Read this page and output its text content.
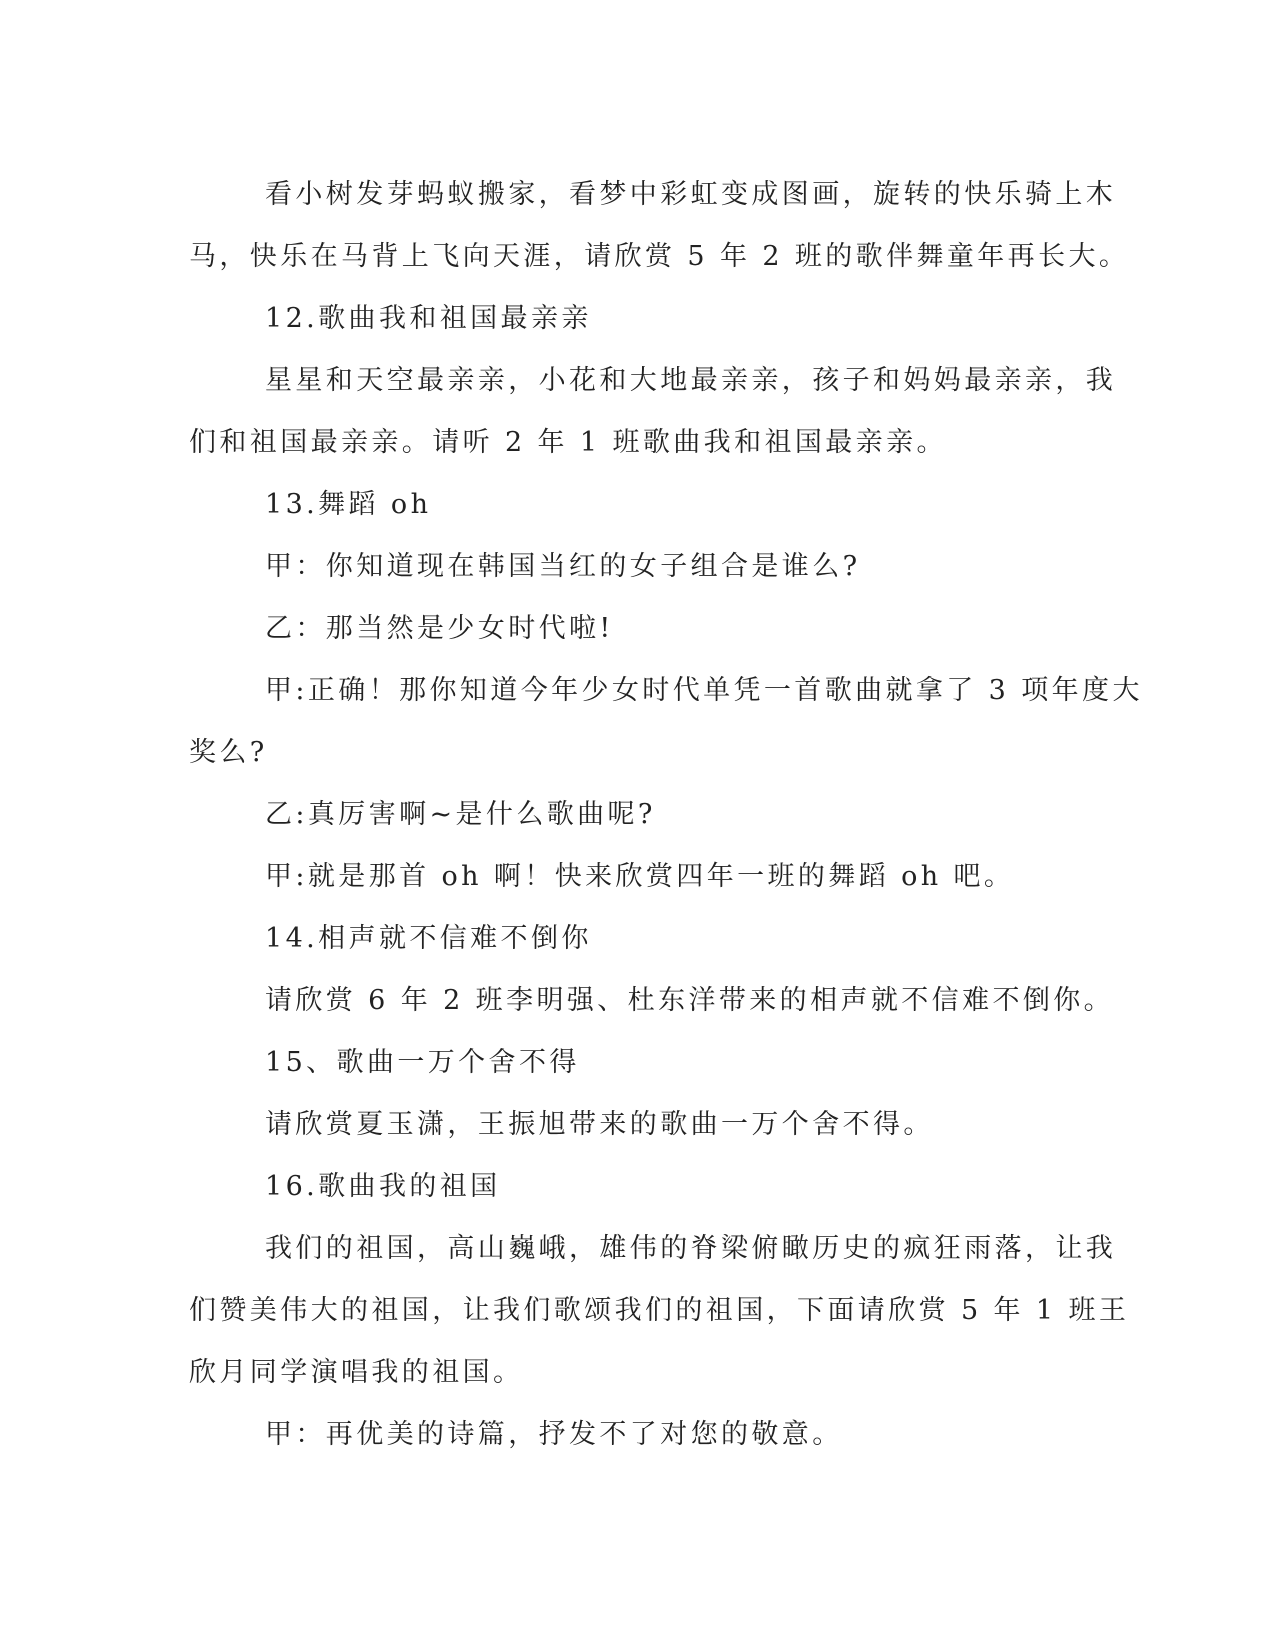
看小树发芽蚂蚁搬家，看梦中彩虹变成图画，旋转的快乐骑上木

马，快乐在马背上飞向天涯，请欣赏 5 年 2 班的歌伴舞童年再长大。

12.歌曲我和祖国最亲亲

星星和天空最亲亲，小花和大地最亲亲，孩子和妈妈最亲亲，我

们和祖国最亲亲。请听 2 年 1 班歌曲我和祖国最亲亲。

13.舞蹈 oh

甲：你知道现在韩国当红的女子组合是谁么?

乙：那当然是少女时代啦!

甲:正确！那你知道今年少女时代单凭一首歌曲就拿了 3 项年度大

奖么?

乙:真厉害啊~是什么歌曲呢?

甲:就是那首 oh 啊！快来欣赏四年一班的舞蹈 oh 吧。

14.相声就不信难不倒你

请欣赏 6 年 2 班李明强、杜东洋带来的相声就不信难不倒你。

15、歌曲一万个舍不得

请欣赏夏玉潇，王振旭带来的歌曲一万个舍不得。

16.歌曲我的祖国

我们的祖国，高山巍峨，雄伟的脊梁俯瞰历史的疯狂雨落，让我

们赞美伟大的祖国，让我们歌颂我们的祖国，下面请欣赏 5 年 1 班王

欣月同学演唱我的祖国。

甲：再优美的诗篇，抒发不了对您的敬意。
